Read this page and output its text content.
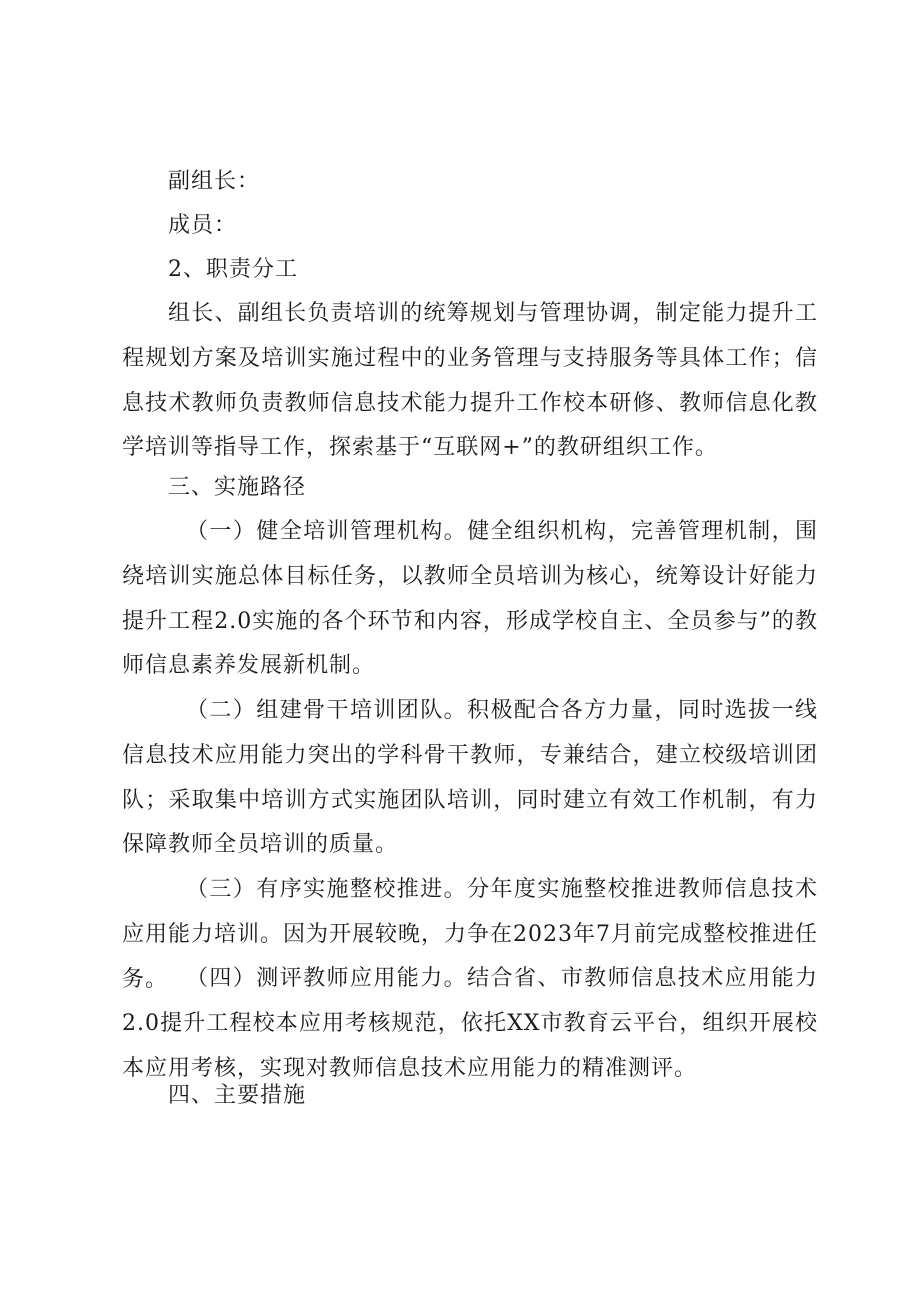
副组长：
成员：
2、职责分工

组长、副组长负责培训的统筹规划与管理协调，制定能力提升工程规划方案及培训实施过程中的业务管理与支持服务等具体工作；信息技术教师负责教师信息技术能力提升工作校本研修、教师信息化教学培训等指导工作，探索基于“互联网+”的教研组织工作。

三、实施路径

（一）健全培训管理机构。健全组织机构，完善管理机制，围绕培训实施总体目标任务，以教师全员培训为核心，统筹设计好能力提升工程2.0实施的各个环节和内容，形成学校自主、全员参与”的教师信息素养发展新机制。

（二）组建骨干培训团队。积极配合各方力量，同时选拔一线信息技术应用能力突出的学科骨干教师，专兼结合，建立校级培训团队；采取集中培训方式实施团队培训，同时建立有效工作机制，有力保障教师全员培训的质量。

（三）有序实施整校推进。分年度实施整校推进教师信息技术应用能力培训。因为开展较晚，力争在2023年7月前完成整校推进任务。 （四）测评教师应用能力。结合省、市教师信息技术应用能力2.0提升工程校本应用考核规范，依托XX市教育云平台，组织开展校本应用考核，实现对教师信息技术应用能力的精准测评。

四、主要措施
